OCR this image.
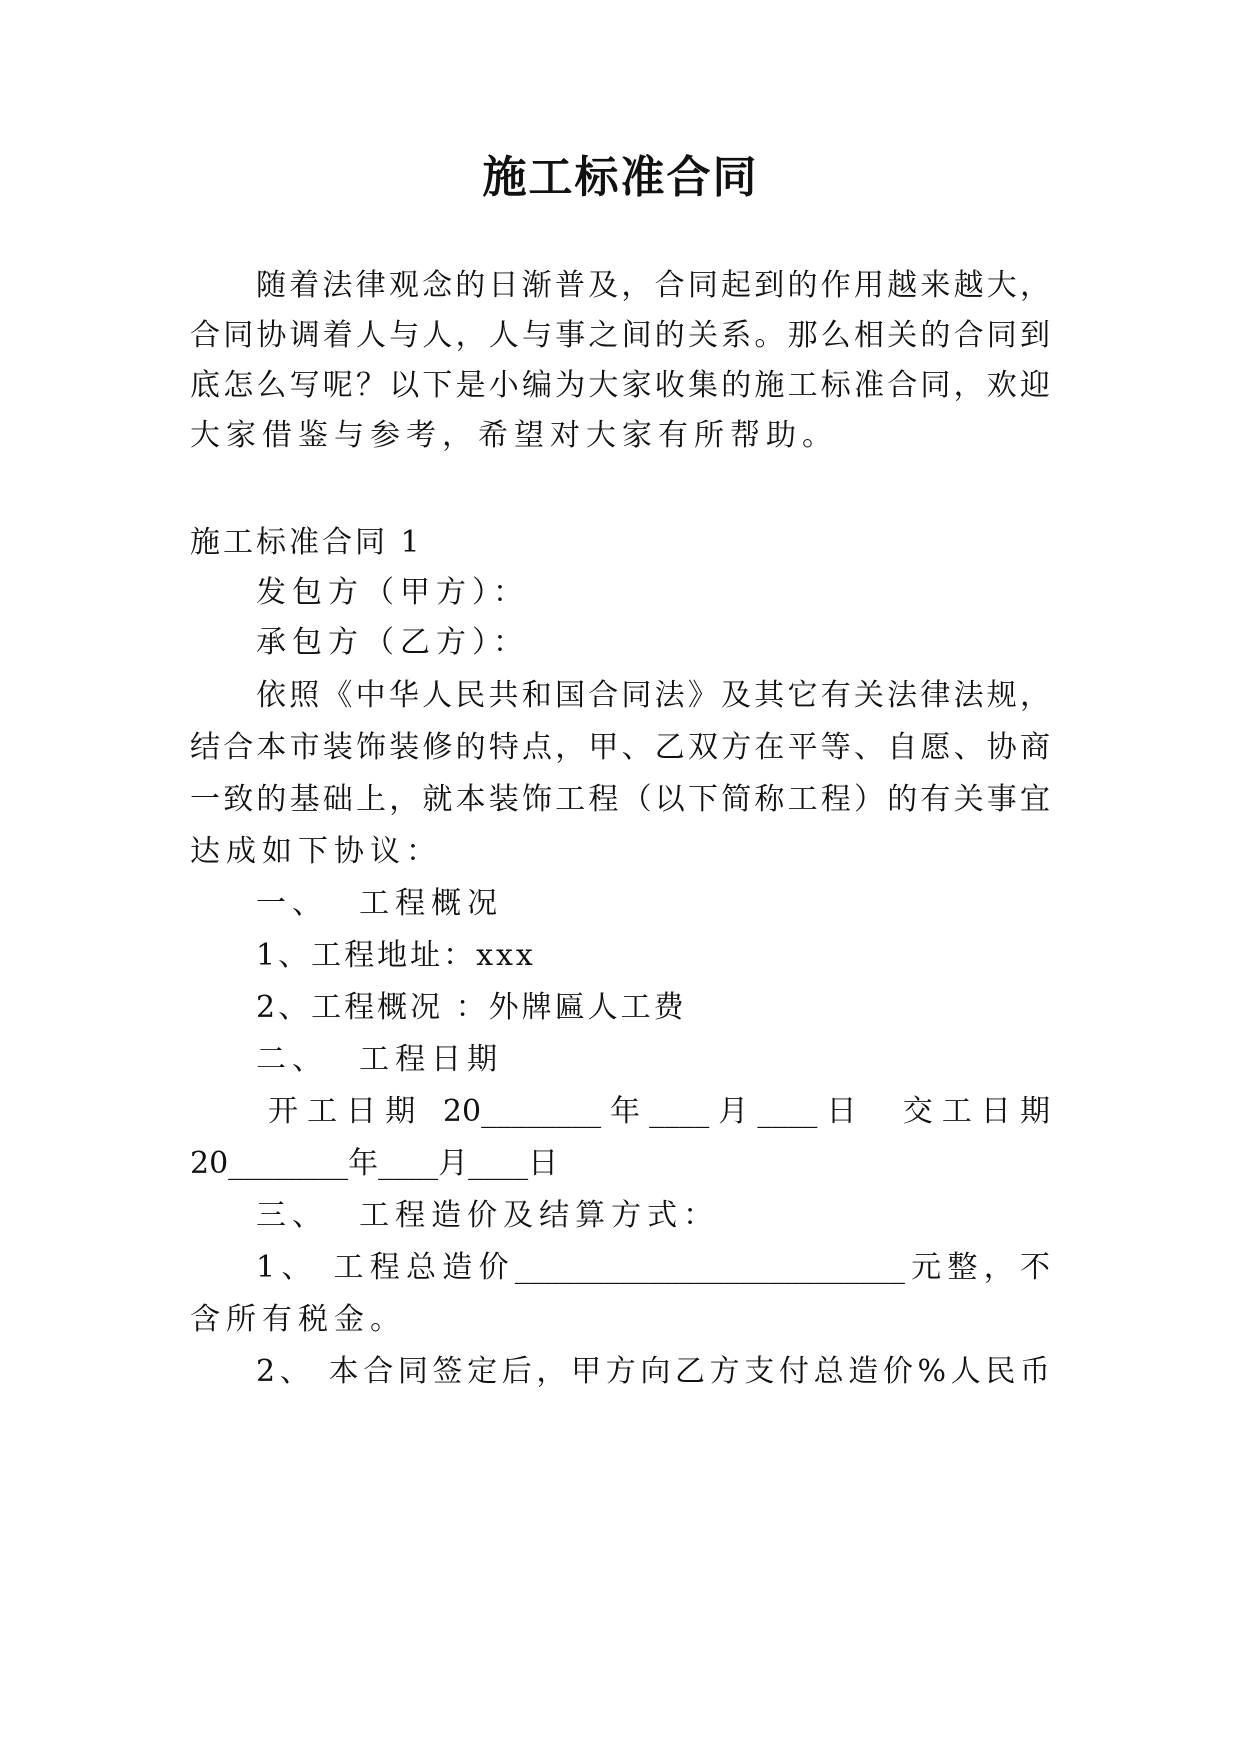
施工标准合同
随着法律观念的日渐普及，合同起到的作用越来越大，
合同协调着人与人，人与事之间的关系。那么相关的合同到
底怎么写呢？以下是小编为大家收集的施工标准合同，欢迎
大家借鉴与参考，希望对大家有所帮助。
施工标准合同 1
发包方（甲方）：
承包方（乙方）：
依照《中华人民共和国合同法》及其它有关法律法规，
结合本市装饰装修的特点，甲、乙双方在平等、自愿、协商
一致的基础上，就本装饰工程（以下简称工程）的有关事宜
达成如下协议：
一、  工程概况
1、工程地址：xxx
2、工程概况 ：外牌匾人工费
二、  工程日期
开工日期 20________年____月____日  交工日期
20________年____月____日
三、  工程造价及结算方式：
1、 工程总造价__________________________元整，不
含所有税金。
2、 本合同签定后，甲方向乙方支付总造价%人民币
